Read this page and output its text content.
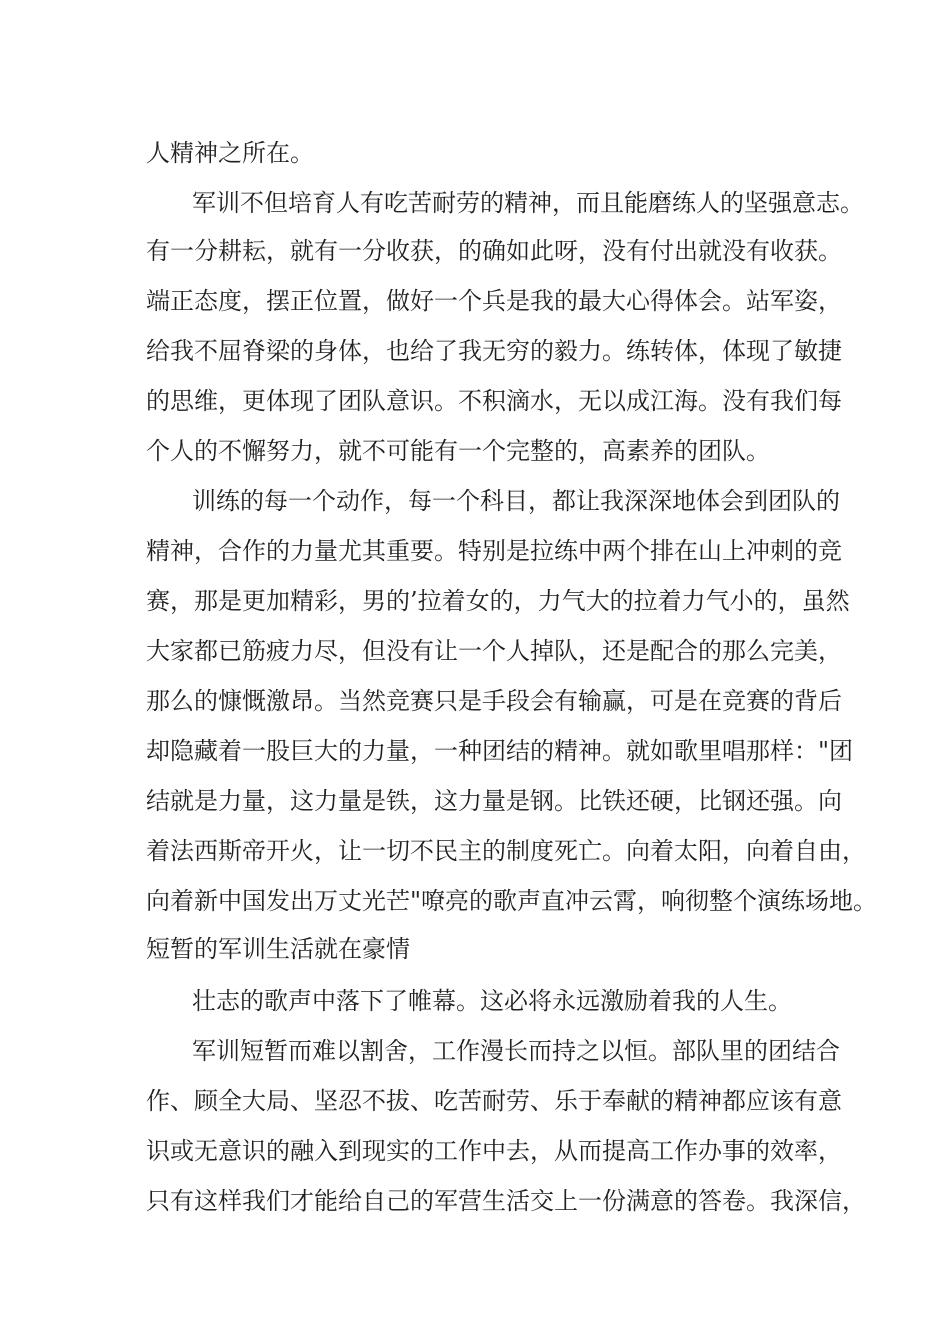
人精神之所在。

军训不但培育人有吃苦耐劳的精神，而且能磨练人的坚强意志。

有一分耕耘，就有一分收获，的确如此呀，没有付出就没有收获。

端正态度，摆正位置，做好一个兵是我的最大心得体会。站军姿，

给我不屈脊梁的身体，也给了我无穷的毅力。练转体，体现了敏捷

的思维，更体现了团队意识。不积滴水，无以成江海。没有我们每

个人的不懈努力，就不可能有一个完整的，高素养的团队。

训练的每一个动作，每一个科目，都让我深深地体会到团队的

精神，合作的力量尤其重要。特别是拉练中两个排在山上冲刺的竞

赛，那是更加精彩，男的’拉着女的，力气大的拉着力气小的，虽然

大家都已筋疲力尽，但没有让一个人掉队，还是配合的那么完美，

那么的慷慨激昂。当然竞赛只是手段会有输赢，可是在竞赛的背后

却隐藏着一股巨大的力量，一种团结的精神。就如歌里唱那样："团

结就是力量，这力量是铁，这力量是钢。比铁还硬，比钢还强。向

着法西斯帝开火，让一切不民主的制度死亡。向着太阳，向着自由，

向着新中国发出万丈光芒"嘹亮的歌声直冲云霄，响彻整个演练场地。

短暂的军训生活就在豪情

壮志的歌声中落下了帷幕。这必将永远激励着我的人生。

军训短暂而难以割舍，工作漫长而持之以恒。部队里的团结合

作、顾全大局、坚忍不拔、吃苦耐劳、乐于奉献的精神都应该有意

识或无意识的融入到现实的工作中去，从而提高工作办事的效率，

只有这样我们才能给自己的军营生活交上一份满意的答卷。我深信，
